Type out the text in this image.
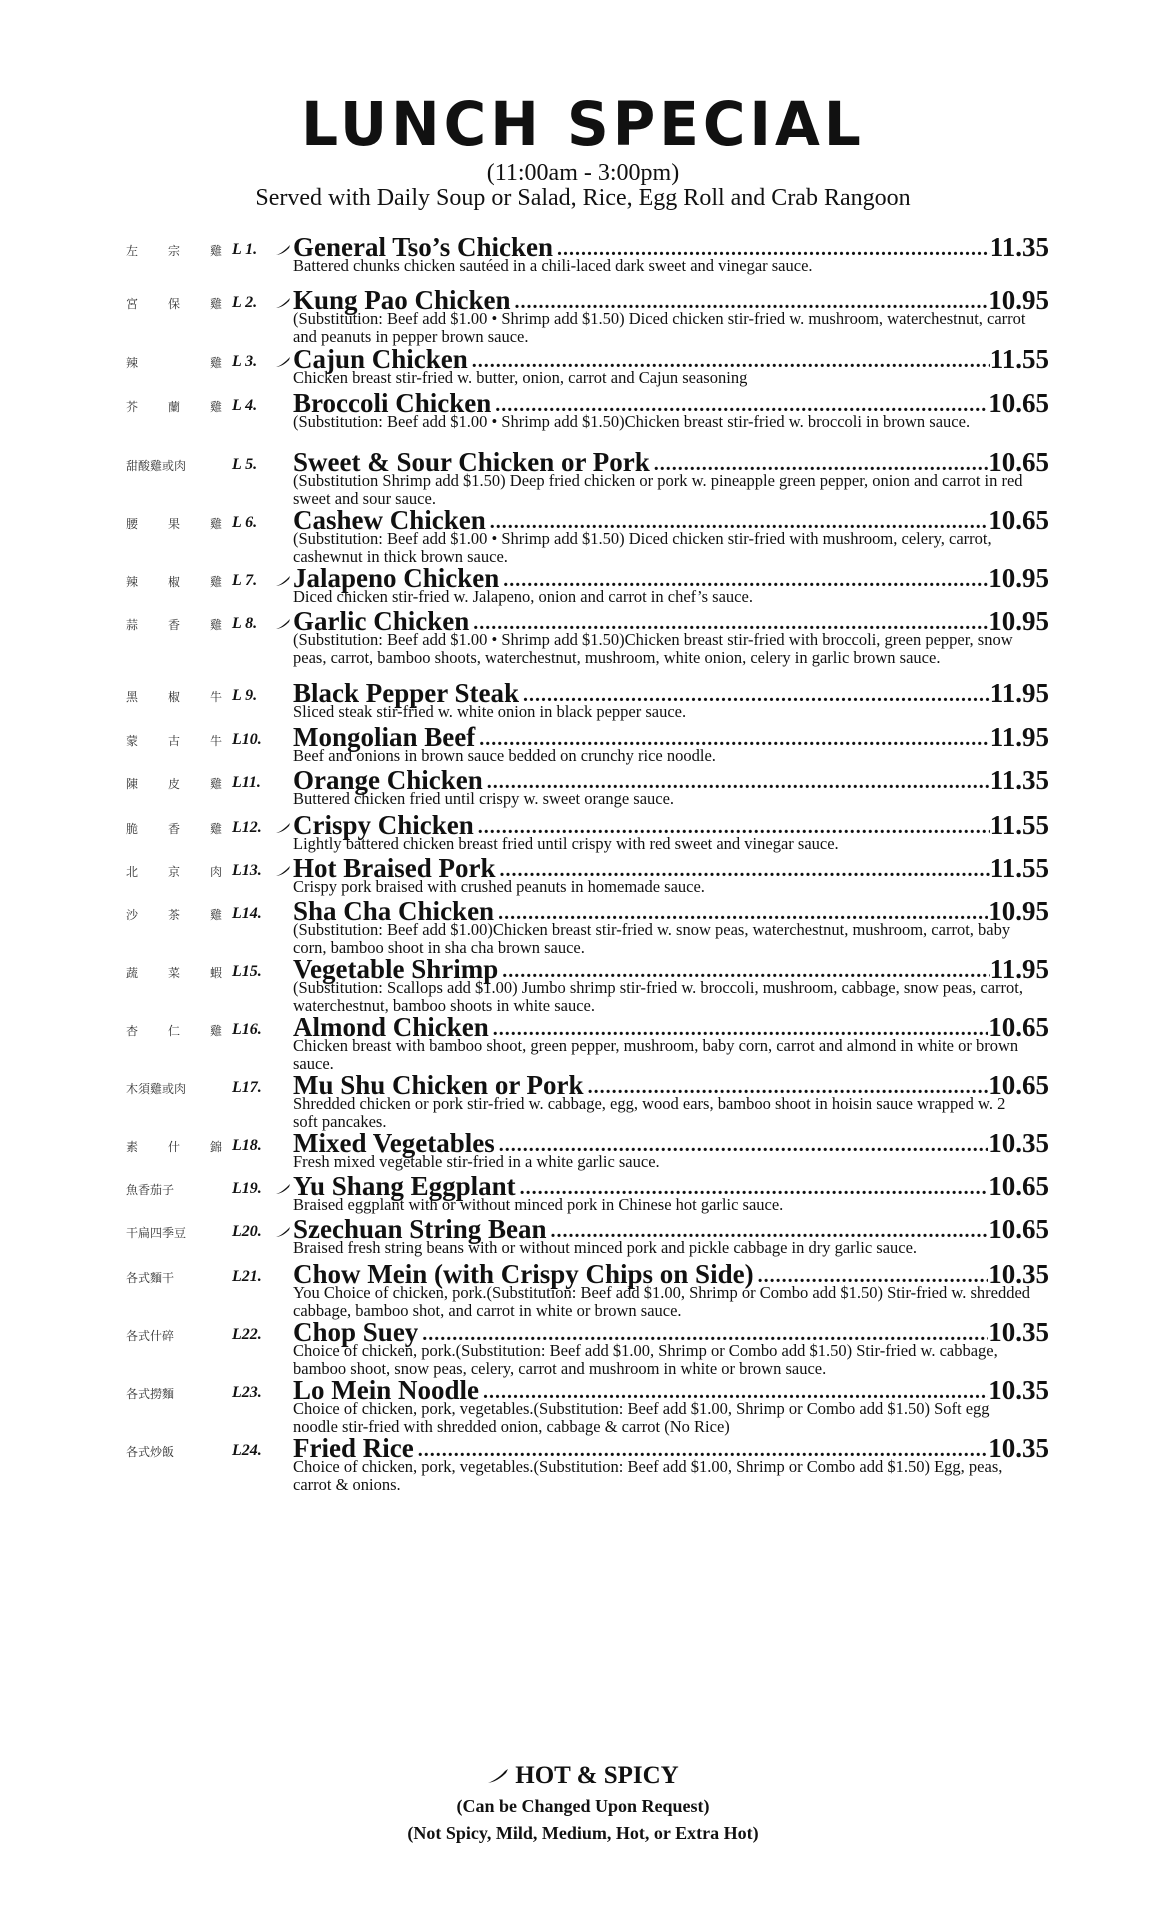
LUNCH SPECIAL
(11:00am - 3:00pm)
Served with Daily Soup or Salad, Rice, Egg Roll and Crab Rangoon
左 宗 雞 L 1.	General Tso’s Chicken .....	11.35
Battered chunks chicken sautéed in a chili-laced dark sweet and vinegar sauce.
宮 保 雞 L 2.	Kung Pao Chicken .....	10.95
(Substitution: Beef add $1.00 • Shrimp add $1.50) Diced chicken stir-fried w. mushroom, waterchestnut, carrot and peanuts in pepper brown sauce.
辣	雞 L 3.	Cajun Chicken .....	11.55
Chicken breast stir-fried w. butter, onion, carrot and Cajun seasoning
芥 蘭 雞 L 4.	Broccoli Chicken .....	10.65
(Substitution: Beef add $1.00 • Shrimp add $1.50)Chicken breast stir-fried w. broccoli in brown sauce.
甜酸雞或肉	L 5.	Sweet & Sour Chicken or Pork .....	10.65
(Substitution Shrimp add $1.50) Deep fried chicken or pork w. pineapple green pepper, onion and carrot in red sweet and sour sauce.
腰 果 雞 L 6.	Cashew Chicken .....	10.65
(Substitution: Beef add $1.00 • Shrimp add $1.50) Diced chicken stir-fried with mushroom, celery, carrot, cashewnut in thick brown sauce.
辣 椒 雞 L 7.	Jalapeno Chicken .....	10.95
Diced chicken stir-fried w. Jalapeno, onion and carrot in chef’s sauce.
蒜 香 雞 L 8.	Garlic Chicken .....	10.95
(Substitution: Beef add $1.00 • Shrimp add $1.50)Chicken breast stir-fried with broccoli, green pepper, snow peas, carrot, bamboo shoots, waterchestnut, mushroom, white onion, celery in garlic brown sauce.
黑 椒 牛 L 9.	Black Pepper Steak .....	11.95
Sliced steak stir-fried w. white onion in black pepper sauce.
蒙 古 牛 L10.	Mongolian Beef .....	11.95
Beef and onions in brown sauce bedded on crunchy rice noodle.
陳 皮 雞 L11.	Orange Chicken .....	11.35
Buttered chicken fried until crispy w. sweet orange sauce.
脆 香 雞 L12.	Crispy Chicken .....	11.55
Lightly battered chicken breast fried until crispy with red sweet and vinegar sauce.
北 京 肉 L13.	Hot Braised Pork .....	11.55
Crispy pork braised with crushed peanuts in homemade sauce.
沙 茶 雞 L14.	Sha Cha Chicken .....	10.95
(Substitution: Beef add $1.00)Chicken breast stir-fried w. snow peas, waterchestnut, mushroom, carrot, baby corn, bamboo shoot in sha cha brown sauce.
蔬 菜 蝦 L15.	Vegetable Shrimp .....	11.95
(Substitution: Scallops add $1.00) Jumbo shrimp stir-fried w. broccoli, mushroom, cabbage, snow peas, carrot, waterchestnut, bamboo shoots in white sauce.
杏 仁 雞 L16.	Almond Chicken .....	10.65
Chicken breast with bamboo shoot, green pepper, mushroom, baby corn, carrot and almond in white or brown sauce.
木須雞或肉	L17.	Mu Shu Chicken or Pork .....	10.65
Shredded chicken or pork stir-fried w. cabbage, egg, wood ears, bamboo shoot in hoisin sauce wrapped w. 2 soft pancakes.
素 什 錦 L18.	Mixed Vegetables .....	10.35
Fresh mixed vegetable stir-fried in a white garlic sauce.
魚香茄子	L19.	Yu Shang Eggplant .....	10.65
Braised eggplant with or without minced pork in Chinese hot garlic sauce.
干扁四季豆	L20.	Szechuan String Bean .....	10.65
Braised fresh string beans with or without minced pork and pickle cabbage in dry garlic sauce.
各式麵干	L21.	Chow Mein (with Crispy Chips on Side) .....	10.35
You Choice of chicken, pork.(Substitution: Beef add $1.00, Shrimp or Combo add $1.50) Stir-fried w. shredded cabbage, bamboo shot, and carrot in white or brown sauce.
各式什碎	L22.	Chop Suey .....	10.35
Choice of chicken, pork.(Substitution: Beef add $1.00, Shrimp or Combo add $1.50) Stir-fried w. cabbage, bamboo shoot, snow peas, celery, carrot and mushroom in white or brown sauce.
各式撈麵	L23.	Lo Mein Noodle .....	10.35
Choice of chicken, pork, vegetables.(Substitution: Beef add $1.00, Shrimp or Combo add $1.50) Soft egg noodle stir-fried with shredded onion, cabbage & carrot (No Rice)
各式炒飯	L24.	Fried Rice .....	10.35
Choice of chicken, pork, vegetables.(Substitution: Beef add $1.00, Shrimp or Combo add $1.50) Egg, peas, carrot & onions.
HOT & SPICY
(Can be Changed Upon Request)
(Not Spicy, Mild, Medium, Hot, or Extra Hot)
